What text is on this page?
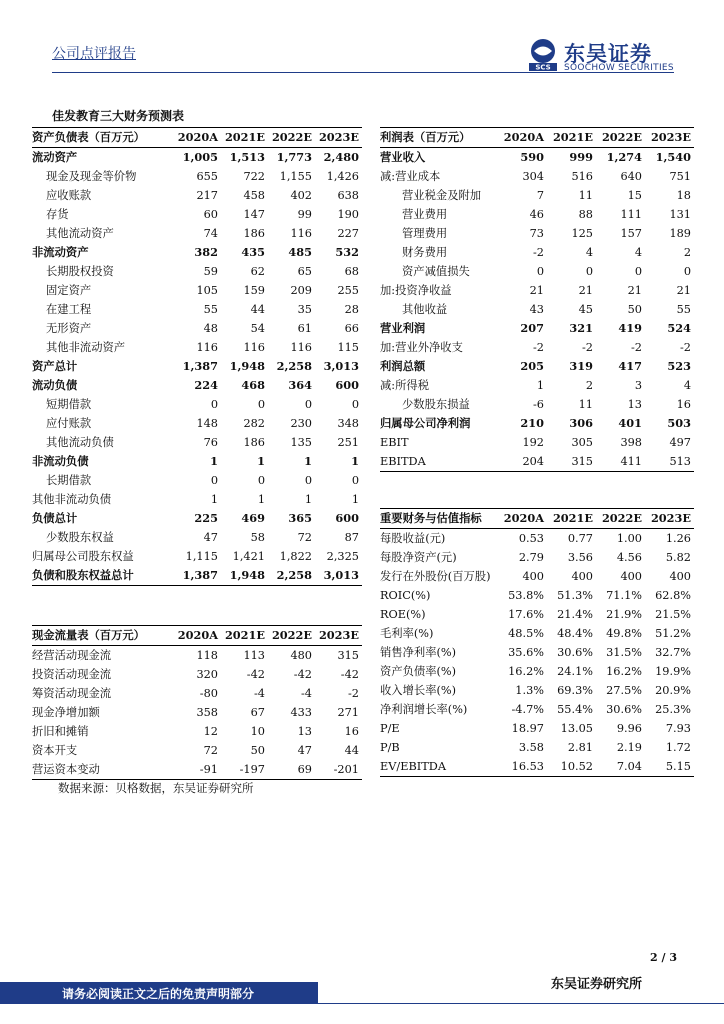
公司点评报告
SCS
东吴证券
SOOCHOW SECURITIES
佳发教育三大财务预测表
资产负债表（百万元）	2020A	2021E	2022E	2023E
流动资产	1,005	1,513	1,773	2,480
现金及现金等价物	655	722	1,155	1,426
应收账款	217	458	402	638
存货	60	147	99	190
其他流动资产	74	186	116	227
非流动资产	382	435	485	532
长期股权投资	59	62	65	68
固定资产	105	159	209	255
在建工程	55	44	35	28
无形资产	48	54	61	66
其他非流动资产	116	116	116	115
资产总计	1,387	1,948	2,258	3,013
流动负债	224	468	364	600
短期借款	0	0	0	0
应付账款	148	282	230	348
其他流动负债	76	186	135	251
非流动负债	1	1	1	1
长期借款	0	0	0	0
其他非流动负债	1	1	1	1
负债总计	225	469	365	600
少数股东权益	47	58	72	87
归属母公司股东权益	1,115	1,421	1,822	2,325
负债和股东权益总计	1,387	1,948	2,258	3,013
利润表（百万元）	2020A	2021E	2022E	2023E
营业收入	590	999	1,274	1,540
减:营业成本	304	516	640	751
营业税金及附加	7	11	15	18
营业费用	46	88	111	131
管理费用	73	125	157	189
财务费用	-2	4	4	2
资产减值损失	0	0	0	0
加:投资净收益	21	21	21	21
其他收益	43	45	50	55
营业利润	207	321	419	524
加:营业外净收支	-2	-2	-2	-2
利润总额	205	319	417	523
减:所得税	1	2	3	4
少数股东损益	-6	11	13	16
归属母公司净利润	210	306	401	503
EBIT	192	305	398	497
EBITDA	204	315	411	513
重要财务与估值指标	2020A	2021E	2022E	2023E
每股收益(元)	0.53	0.77	1.00	1.26
每股净资产(元)	2.79	3.56	4.56	5.82
发行在外股份(百万股)	400	400	400	400
ROIC(%)	53.8%	51.3%	71.1%	62.8%
ROE(%)	17.6%	21.4%	21.9%	21.5%
毛利率(%)	48.5%	48.4%	49.8%	51.2%
销售净利率(%)	35.6%	30.6%	31.5%	32.7%
资产负债率(%)	16.2%	24.1%	16.2%	19.9%
收入增长率(%)	1.3%	69.3%	27.5%	20.9%
净利润增长率(%)	-4.7%	55.4%	30.6%	25.3%
P/E	18.97	13.05	9.96	7.93
P/B	3.58	2.81	2.19	1.72
EV/EBITDA	16.53	10.52	7.04	5.15
现金流量表（百万元）	2020A	2021E	2022E	2023E
经营活动现金流	118	113	480	315
投资活动现金流	320	-42	-42	-42
筹资活动现金流	-80	-4	-4	-2
现金净增加额	358	67	433	271
折旧和摊销	12	10	13	16
资本开支	72	50	47	44
营运资本变动	-91	-197	69	-201
数据来源：贝格数据，东吴证券研究所
2 / 3
请务必阅读正文之后的免责声明部分
东吴证券研究所
